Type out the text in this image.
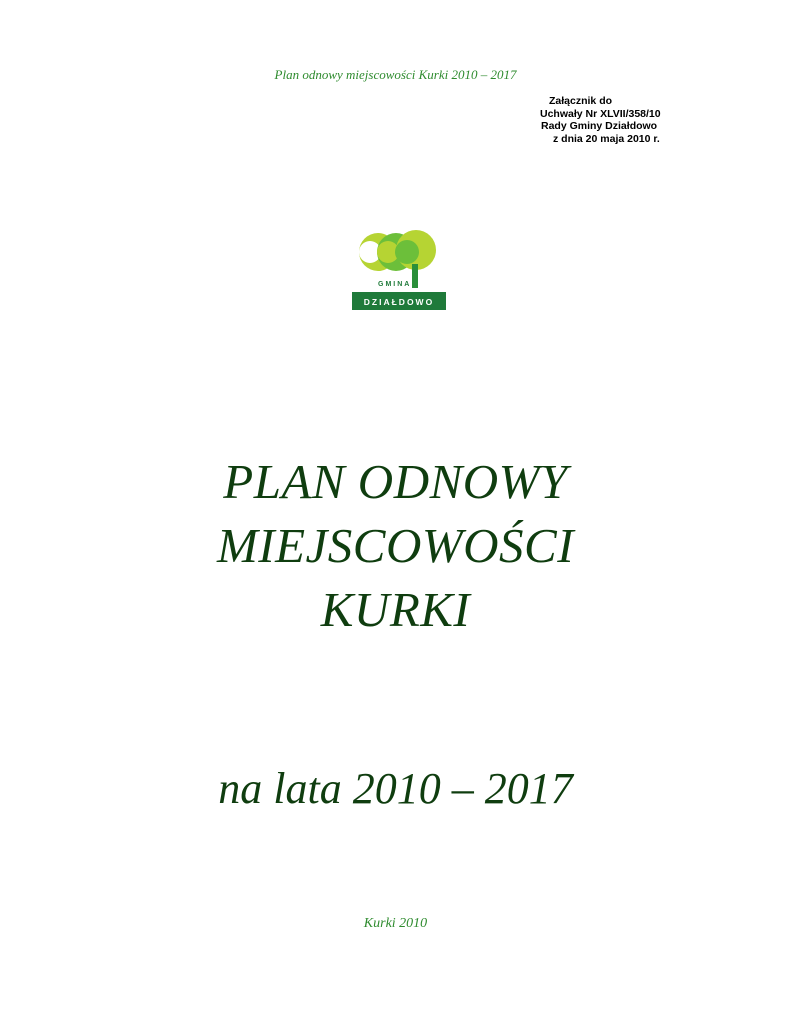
Plan odnowy miejscowości Kurki 2010 – 2017
Załącznik do
Uchwały Nr XLVII/358/10
Rady Gminy Działdowo
z dnia 20 maja 2010 r.
GMINA
DZIAŁDOWO
PLAN ODNOWY
MIEJSCOWOŚCI
KURKI
na lata 2010 – 2017
Kurki 2010
